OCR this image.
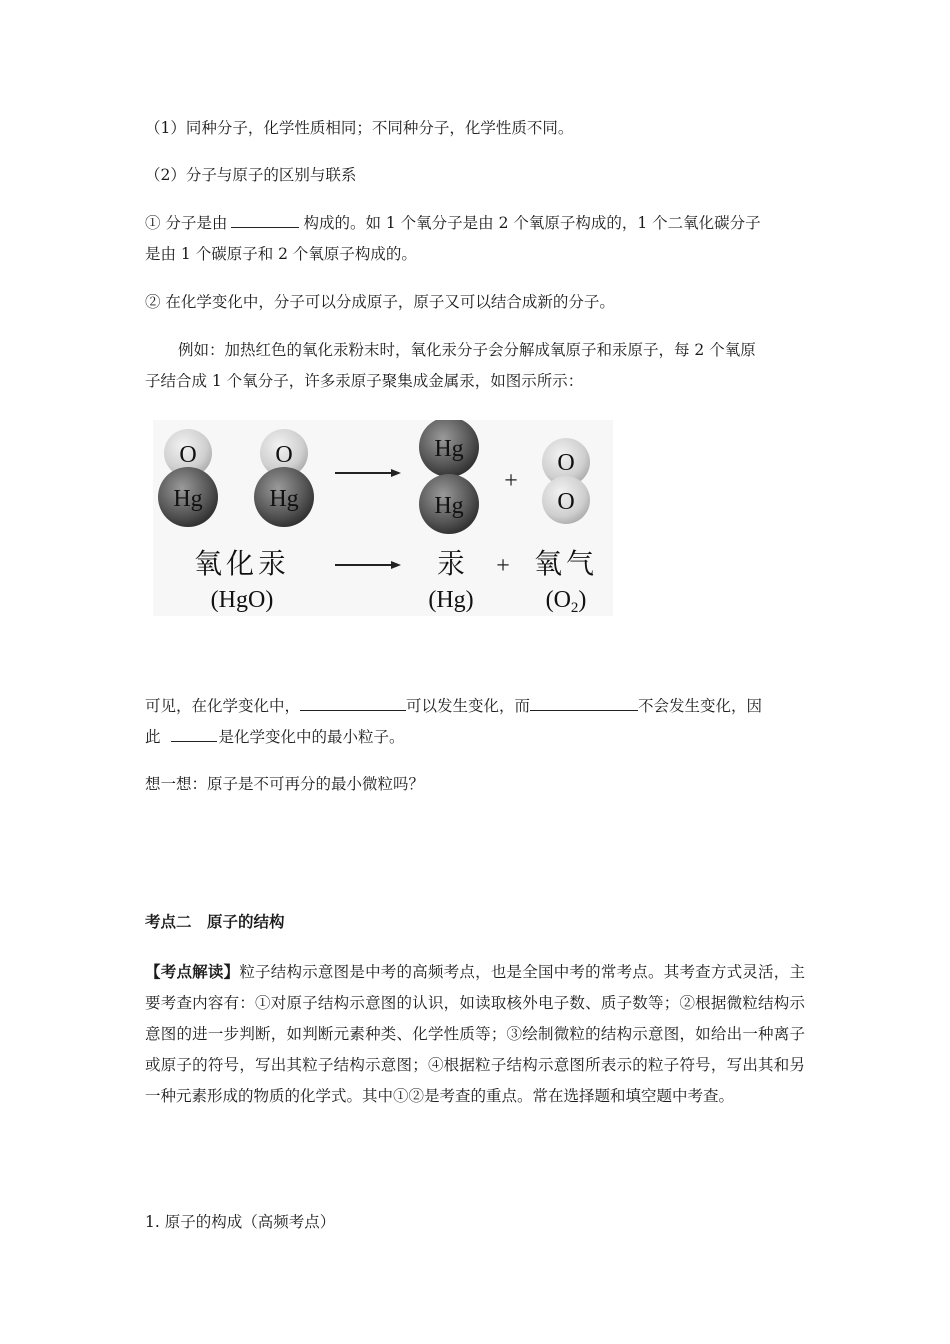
（1）同种分子，化学性质相同；不同种分子，化学性质不同。
（2）分子与原子的区别与联系
① 分子是由	构成的。如 1 个氧分子是由 2 个氧原子构成的，1 个二氧化碳分子
是由 1 个碳原子和 2 个氧原子构成的。
② 在化学变化中，分子可以分成原子，原子又可以结合成新的分子。
例如：加热红色的氧化汞粉末时，氧化汞分子会分解成氧原子和汞原子，每 2 个氧原
子结合成 1 个氧分子，许多汞原子聚集成金属汞，如图示所示：
O
Hg
O
Hg
Hg
Hg
+
O
O
氧化汞	汞 + 氧气
(HgO)	(Hg)	$(O_2)$
可见，在化学变化中，	可以发生变化，而	不会发生变化，因
此	是化学变化中的最小粒子。
想一想：原子是不可再分的最小微粒吗？
考点二　原子的结构
【考点解读】粒子结构示意图是中考的高频考点，也是全国中考的常考点。其考查方式灵活，主要考查内容有：①对原子结构示意图的认识，如读取核外电子数、质子数等；②根据微粒结构示意图的进一步判断，如判断元素种类、化学性质等；③绘制微粒的结构示意图，如给出一种离子或原子的符号，写出其粒子结构示意图；④根据粒子结构示意图所表示的粒子符号，写出其和另一种元素形成的物质的化学式。其中①②是考查的重点。常在选择题和填空题中考查。
1. 原子的构成（高频考点）
